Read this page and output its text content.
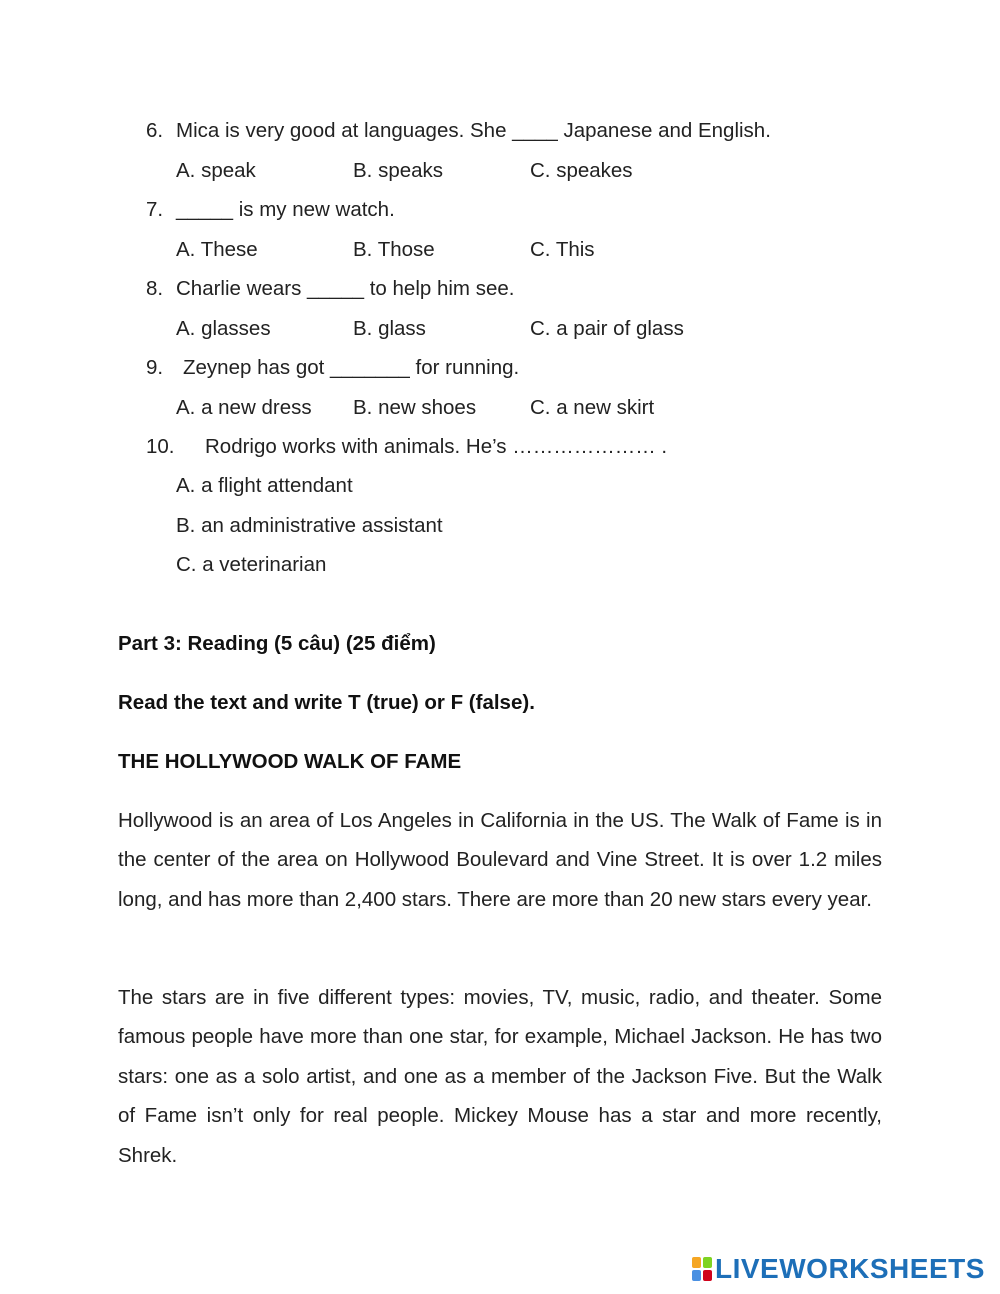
6. Mica is very good at languages. She ____ Japanese and English.
A. speak	B. speaks	C. speakes
7. _____ is my new watch.
A. These	B. Those	C. This
8. Charlie wears _____ to help him see.
A. glasses	B. glass	C. a pair of glass
9. Zeynep has got _______ for running.
A. a new dress B. new shoes	C. a new skirt
10. Rodrigo works with animals. He’s ………………… .
A. a flight attendant
B. an administrative assistant
C. a veterinarian
Part 3: Reading (5 câu) (25 điểm)
Read the text and write T (true) or F (false).
THE HOLLYWOOD WALK OF FAME

Hollywood is an area of Los Angeles in California in the US. The Walk of Fame is in the center of the area on Hollywood Boulevard and Vine Street. It is over 1.2 miles long, and has more than 2,400 stars. There are more than 20 new stars every year.

The stars are in five different types: movies, TV, music, radio, and theater. Some famous people have more than one star, for example, Michael Jackson. He has two stars: one as a solo artist, and one as a member of the Jackson Five. But the Walk of Fame isn’t only for real people. Mickey Mouse has a star and more recently, Shrek.

LIVEWORKSHEETS
